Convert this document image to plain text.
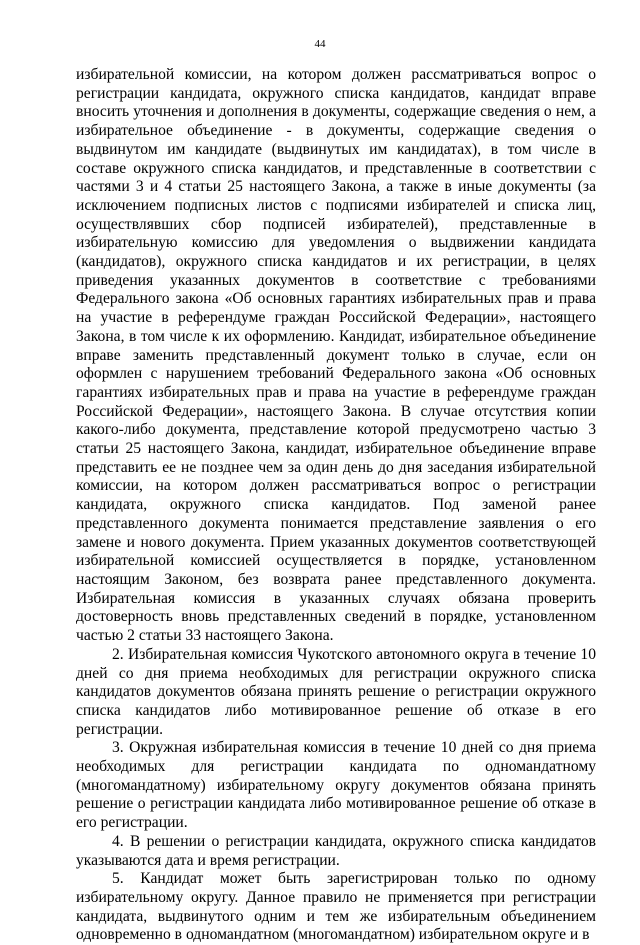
44

избирательной комиссии, на котором должен рассматриваться вопрос о регистрации кандидата, окружного списка кандидатов, кандидат вправе вносить уточнения и дополнения в документы, содержащие сведения о нем, а избирательное объединение - в документы, содержащие сведения о выдвинутом им кандидате (выдвинутых им кандидатах), в том числе в составе окружного списка кандидатов, и представленные в соответствии с частями 3 и 4 статьи 25 настоящего Закона, а также в иные документы (за исключением подписных листов с подписями избирателей и списка лиц, осуществлявших сбор подписей избирателей), представленные в избирательную комиссию для уведомления о выдвижении кандидата (кандидатов), окружного списка кандидатов и их регистрации, в целях приведения указанных документов в соответствие с требованиями Федерального закона «Об основных гарантиях избирательных прав и права на участие в референдуме граждан Российской Федерации», настоящего Закона, в том числе к их оформлению. Кандидат, избирательное объединение вправе заменить представленный документ только в случае, если он оформлен с нарушением требований Федерального закона «Об основных гарантиях избирательных прав и права на участие в референдуме граждан Российской Федерации», настоящего Закона. В случае отсутствия копии какого-либо документа, представление которой предусмотрено частью 3 статьи 25 настоящего Закона, кандидат, избирательное объединение вправе представить ее не позднее чем за один день до дня заседания избирательной комиссии, на котором должен рассматриваться вопрос о регистрации кандидата, окружного списка кандидатов. Под заменой ранее представленного документа понимается представление заявления о его замене и нового документа. Прием указанных документов соответствующей избирательной комиссией осуществляется в порядке, установленном настоящим Законом, без возврата ранее представленного документа. Избирательная комиссия в указанных случаях обязана проверить достоверность вновь представленных сведений в порядке, установленном частью 2 статьи 33 настоящего Закона.

2. Избирательная комиссия Чукотского автономного округа в течение 10 дней со дня приема необходимых для регистрации окружного списка кандидатов документов обязана принять решение о регистрации окружного списка кандидатов либо мотивированное решение об отказе в его регистрации.

3. Окружная избирательная комиссия в течение 10 дней со дня приема необходимых для регистрации кандидата по одномандатному (многомандатному) избирательному округу документов обязана принять решение о регистрации кандидата либо мотивированное решение об отказе в его регистрации.

4. В решении о регистрации кандидата, окружного списка кандидатов указываются дата и время регистрации.

5. Кандидат может быть зарегистрирован только по одному избирательному округу. Данное правило не применяется при регистрации кандидата, выдвинутого одним и тем же избирательным объединением одновременно в одномандатном (многомандатном) избирательном округе и в
